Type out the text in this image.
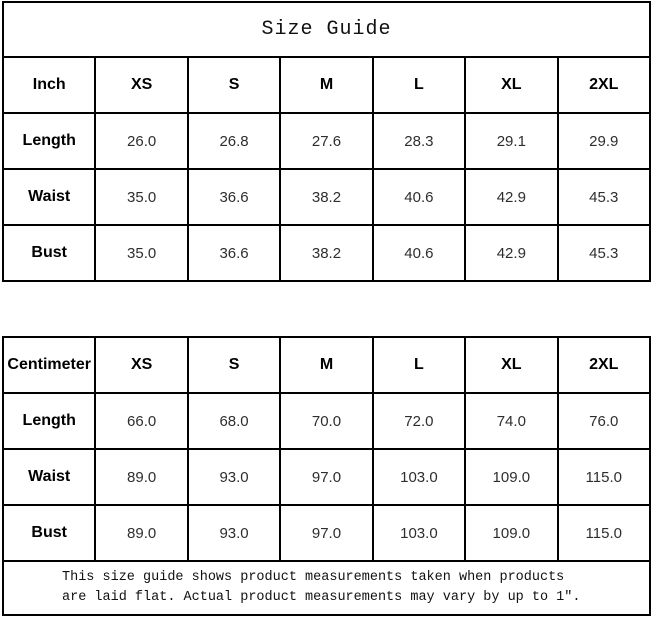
Size Guide
Inch	XS	S	M	L	XL	2XL
Length	26.0	26.8	27.6	28.3	29.1	29.9
Waist	35.0	36.6	38.2	40.6	42.9	45.3
Bust	35.0	36.6	38.2	40.6	42.9	45.3
Centimeter	XS	S	M	L	XL	2XL
Length	66.0	68.0	70.0	72.0	74.0	76.0
Waist	89.0	93.0	97.0	103.0	109.0	115.0
Bust	89.0	93.0	97.0	103.0	109.0	115.0
This size guide shows product measurements taken when products
are laid flat. Actual product measurements may vary by up to 1″.
